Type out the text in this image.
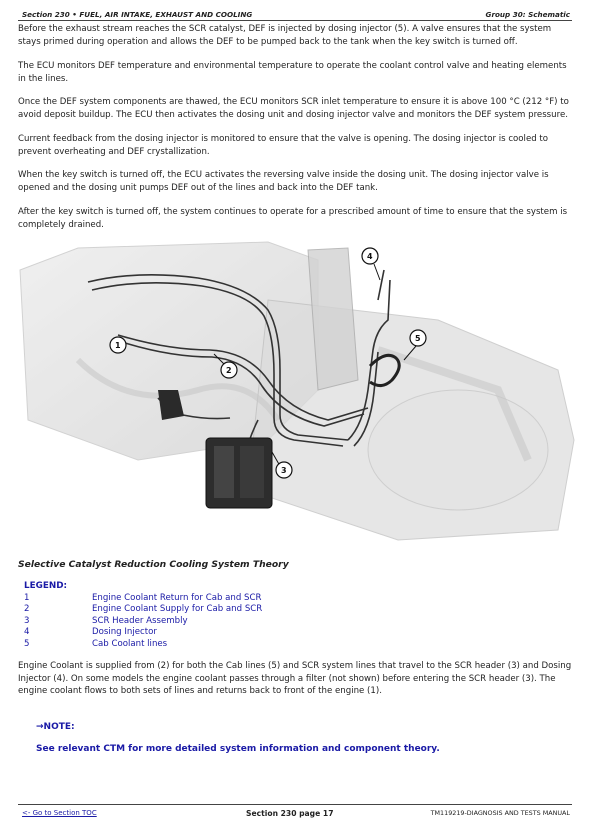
Section 230 • FUEL, AIR INTAKE, EXHAUST AND COOLING	Group 30: Schematic

Before the exhaust stream reaches the SCR catalyst, DEF is injected by dosing injector (5). A valve ensures that the system stays primed during operation and allows the DEF to be pumped back to the tank when the key switch is turned off.

The ECU monitors DEF temperature and environmental temperature to operate the coolant control valve and heating elements in the lines.

Once the DEF system components are thawed, the ECU monitors SCR inlet temperature to ensure it is above 100 °C (212 °F) to avoid deposit buildup. The ECU then activates the dosing unit and dosing injector valve and monitors the DEF system pressure.

Current feedback from the dosing injector is monitored to ensure that the valve is opening. The dosing injector is cooled to prevent overheating and DEF crystallization.

When the key switch is turned off, the ECU activates the reversing valve inside the dosing unit. The dosing injector valve is opened and the dosing unit pumps DEF out of the lines and back into the DEF tank.

After the key switch is turned off, the system continues to operate for a prescribed amount of time to ensure that the system is completely drained.

1
2
3
4
5
Selective Catalyst Reduction Cooling System Theory
LEGEND:
1	Engine Coolant Return for Cab and SCR
2	Engine Coolant Supply for Cab and SCR
3	SCR Header Assembly
4	Dosing Injector
5	Cab Coolant lines

Engine Coolant is supplied from (2) for both the Cab lines (5) and SCR system lines that travel to the SCR header (3) and Dosing Injector (4). On some models the engine coolant passes through a filter (not shown) before entering the SCR header (3). The engine coolant flows to both sets of lines and returns back to front of the engine (1).

→NOTE:
See relevant CTM for more detailed system information and component theory.
<- Go to Section TOC	Section 230 page 17	TM119219-DIAGNOSIS AND TESTS MANUAL
